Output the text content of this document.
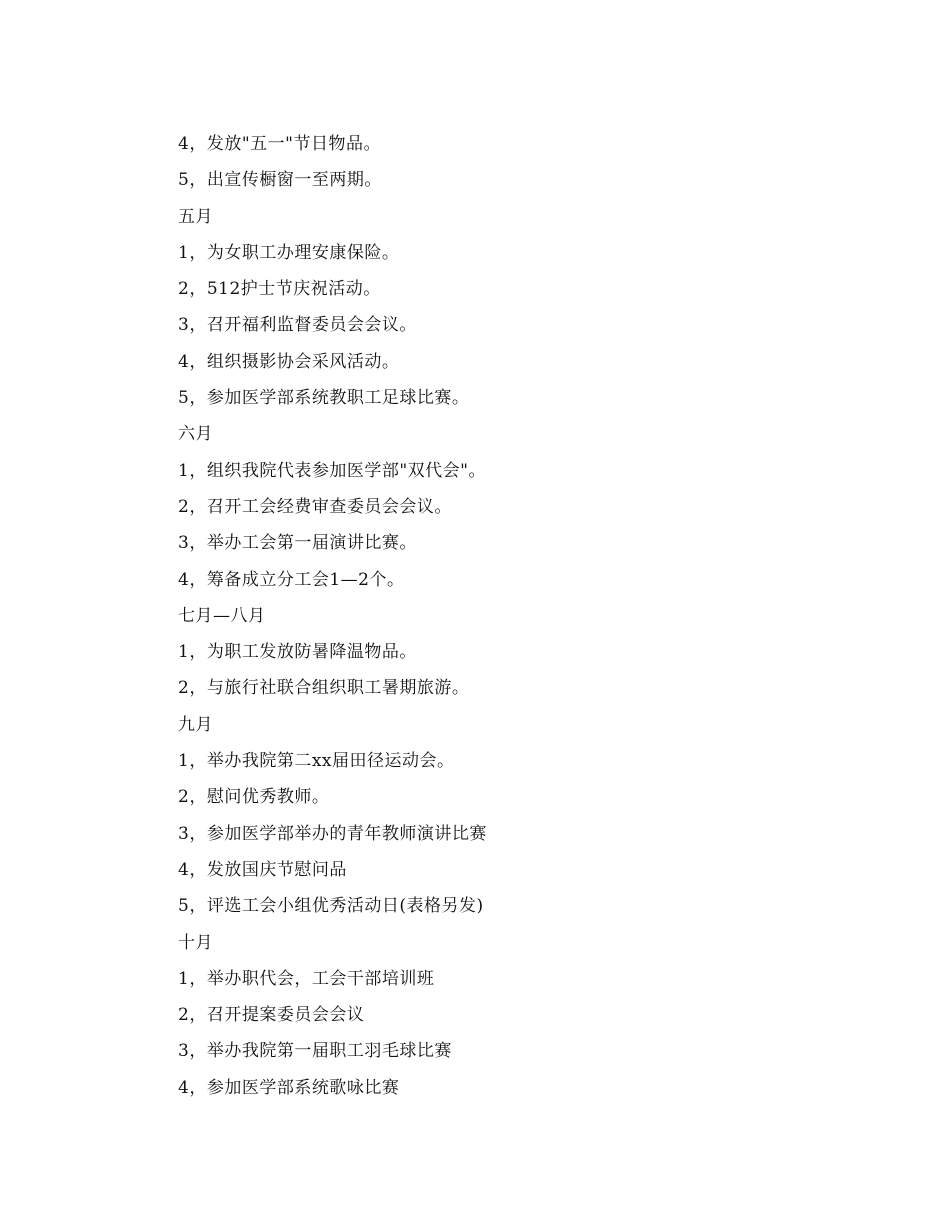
4，发放"五一"节日物品。
5，出宣传橱窗一至两期。
五月
1，为女职工办理安康保险。
2，512护士节庆祝活动。
3，召开福利监督委员会会议。
4，组织摄影协会采风活动。
5，参加医学部系统教职工足球比赛。
六月
1，组织我院代表参加医学部"双代会"。
2，召开工会经费审查委员会会议。
3，举办工会第一届演讲比赛。
4，筹备成立分工会1—2个。
七月—八月
1，为职工发放防暑降温物品。
2，与旅行社联合组织职工暑期旅游。
九月
1，举办我院第二xx届田径运动会。
2，慰问优秀教师。
3，参加医学部举办的青年教师演讲比赛
4，发放国庆节慰问品
5，评选工会小组优秀活动日(表格另发)
十月
1，举办职代会，工会干部培训班
2，召开提案委员会会议
3，举办我院第一届职工羽毛球比赛
4，参加医学部系统歌咏比赛
